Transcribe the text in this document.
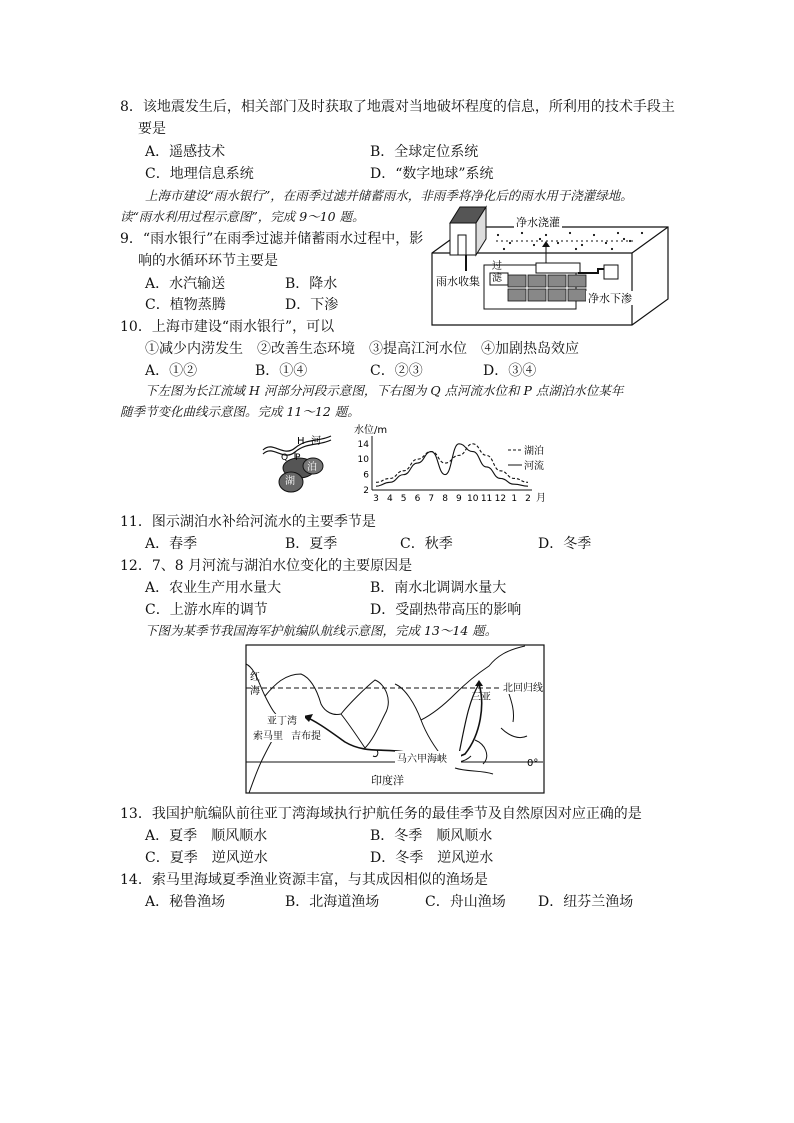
8．该地震发生后，相关部门及时获取了地震对当地破坏程度的信息，所利用的技术手段主
要是
A．遥感技术	B．全球定位系统
C．地理信息系统	D．“数字地球”系统
上海市建设“雨水银行”，在雨季过滤并储蓄雨水，非雨季将净化后的雨水用于浇灌绿地。
读“雨水利用过程示意图”，完成 9～10 题。
9．“雨水银行”在雨季过滤并储蓄雨水过程中，影
响的水循环环节主要是
A．水汽输送	B．降水
C．植物蒸腾	D．下渗
净水浇灌
雨水收集
过
滤
净水下渗
10．上海市建设“雨水银行”，可以
①减少内涝发生　②改善生态环境　③提高江河水位　④加剧热岛效应
A．①②	B．①④	C．②③	D．③④
下左图为长江流域 H 河部分河段示意图，下右图为 Q 点河流水位和 P 点湖泊水位某年
随季节变化曲线示意图。完成 11～12 题。
H 河
Q P
湖
泊
水位/m
2
6
10
14
3 4 5 6 7 8 9 10 11 12 1 2
湖泊
河流
月
11．图示湖泊水补给河流水的主要季节是
A．春季	B．夏季	C．秋季	D．冬季
12．7、8 月河流与湖泊水位变化的主要原因是
A．农业生产用水量大	B．南水北调调水量大
C．上游水库的调节	D．受副热带高压的影响
下图为某季节我国海军护航编队航线示意图，完成 13～14 题。
红
海	北回归线
三亚
亚丁湾
索马里 吉布提
马六甲海峡	0°
印度洋
13．我国护航编队前往亚丁湾海域执行护航任务的最佳季节及自然原因对应正确的是
A．夏季　顺风顺水	B．冬季　顺风顺水
C．夏季　逆风逆水	D．冬季　逆风逆水
14．索马里海域夏季渔业资源丰富，与其成因相似的渔场是
A．秘鲁渔场	B．北海道渔场	C．舟山渔场 D．纽芬兰渔场
